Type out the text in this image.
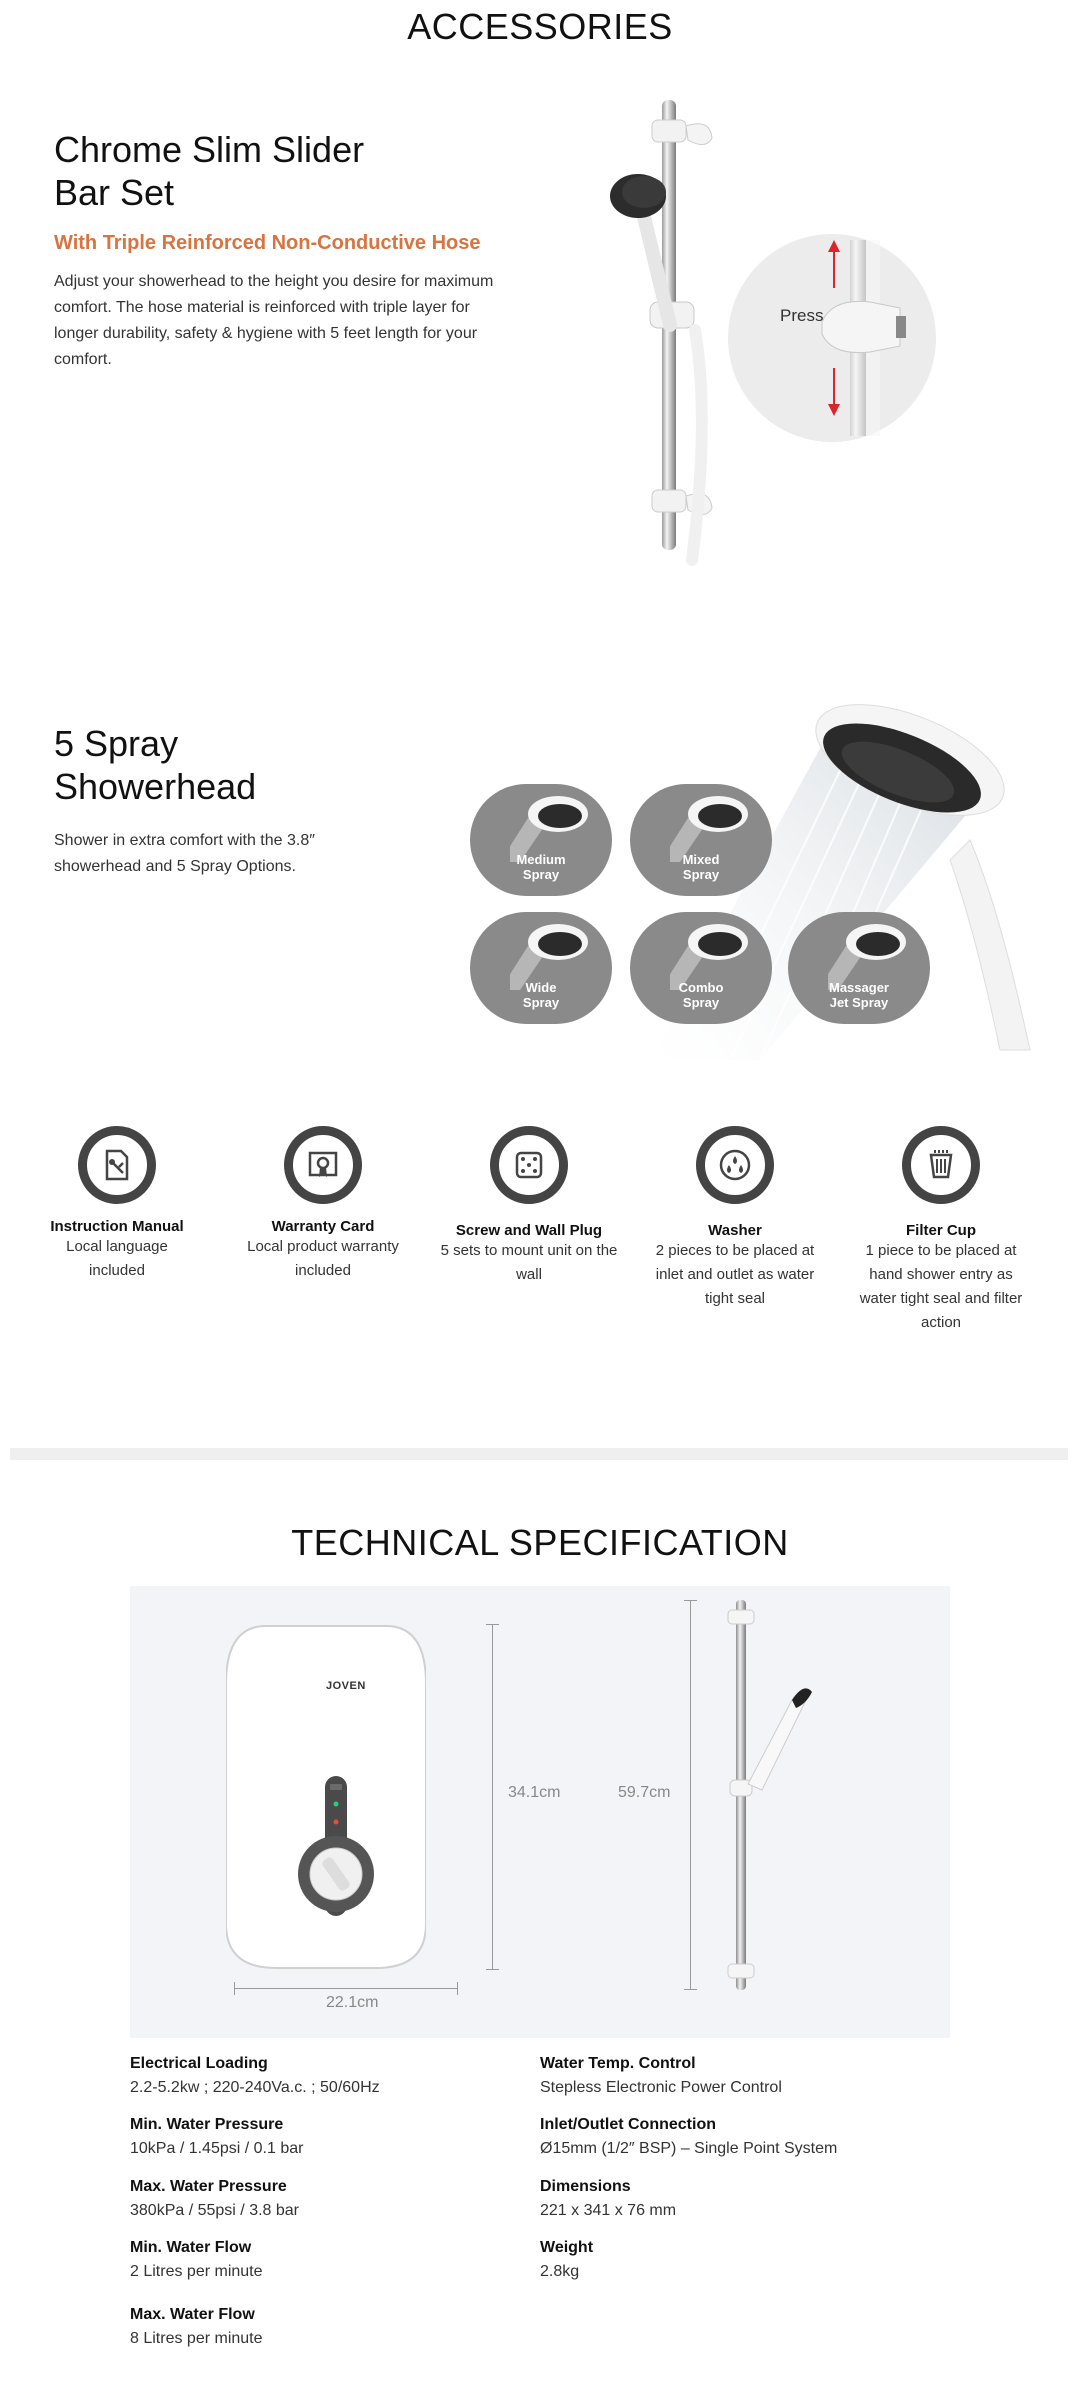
ACCESSORIES
Chrome Slim Slider
Bar Set
With Triple Reinforced Non-Conductive Hose
Adjust your showerhead to the height you desire for maximum comfort. The hose material is reinforced with triple layer for longer durability, safety & hygiene with 5 feet length for your comfort.
Press
5 Spray
Showerhead
Shower in extra comfort with the 3.8″ showerhead and 5 Spray Options.	Medium
Spray
Mixed
Spray
Wide
Spray
Combo
Spray
Massager
Jet Spray
Instruction Manual
Local language included
Warranty Card
Local product warranty included
Screw and Wall Plug
5 sets to mount unit on the wall
Washer
2 pieces to be placed at inlet and outlet as water tight seal
Filter Cup
1 piece to be placed at hand shower entry as water tight seal and filter action
TECHNICAL SPECIFICATION
JOVEN
34.1cm
22.1cm
59.7cm
Electrical Loading
2.2-5.2kw ; 220-240Va.c. ; 50/60Hz
Min. Water Pressure
10kPa / 1.45psi / 0.1 bar
Max. Water Pressure
380kPa / 55psi / 3.8 bar
Min. Water Flow
2 Litres per minute
Max. Water Flow
8 Litres per minute
Water Temp. Control
Stepless Electronic Power Control
Inlet/Outlet Connection
Ø15mm (1/2″ BSP) – Single Point System
Dimensions
221 x 341 x 76 mm
Weight
2.8kg
